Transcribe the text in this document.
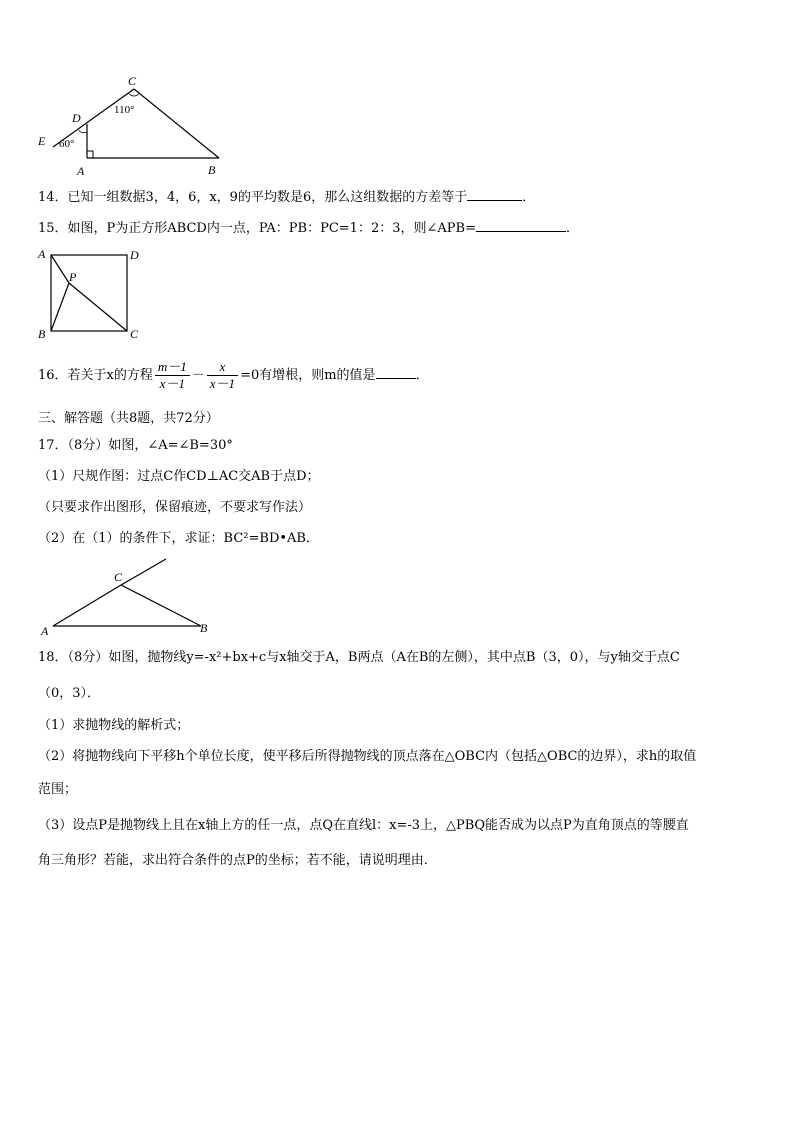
C
D
E
A	B
110°
60°
14．已知一组数据3，4，6，x，9的平均数是6，那么这组数据的方差等于	．
15．如图，P为正方形ABCD内一点，PA：PB：PC=1：2：3，则∠APB=	．
A	D
P
B	C
16．若关于x的方程 $\frac{m-1}{x-1} - \frac{x}{x-1} =0$有增根，则m的值是	．
三、解答题（共8题，共72分）
17．（8分）如图，∠A=∠B=30°
（1）尺规作图：过点C作CD⊥AC交AB于点D；
（只要求作出图形，保留痕迹，不要求写作法）
（2）在（1）的条件下，求证：BC²=BD•AB．
C
A	B
18．（8分）如图，抛物线y=-x²+bx+c与x轴交于A，B两点（A在B的左侧），其中点B（3，0），与y轴交于点C
（0，3）．
（1）求抛物线的解析式；
（2）将抛物线向下平移h个单位长度，使平移后所得抛物线的顶点落在△OBC内（包括△OBC的边界），求h的取值
范围；
（3）设点P是抛物线上且在x轴上方的任一点，点Q在直线l：x=-3上，△PBQ能否成为以点P为直角顶点的等腰直
角三角形？若能，求出符合条件的点P的坐标；若不能，请说明理由．
